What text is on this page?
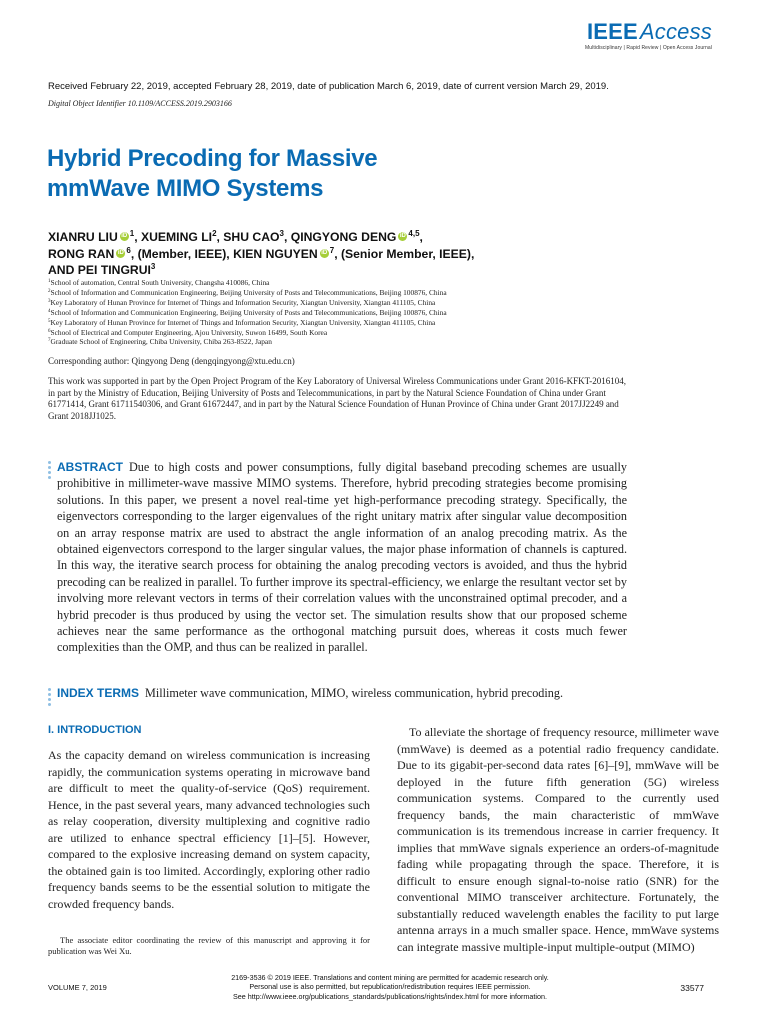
IEEEAccess
Multidisciplinary | Rapid Review | Open Access Journal
Received February 22, 2019, accepted February 28, 2019, date of publication March 6, 2019, date of current version March 29, 2019.
Digital Object Identifier 10.1109/ACCESS.2019.2903166
Hybrid Precoding for Massive
mmWave MIMO Systems
XIANRU LIU iD $^1$, XUEMING $LI^2$, SHU CAO$^3$, QINGYONG DENG iD $^{4,5}$,
RONG RAN iD $^6$, (Member, IEEE), KIEN NGUYEN iD $^7$, (Senior Member, IEEE),
AND PEI TINGRUI$^3$
$^1$School of automation, Central South University, Changsha 410086, China
$^2$School of Information and Communication Engineering, Beijing University of Posts and Telecommunications, Beijing 100876, China
$^3$Key Laboratory of Hunan Province for Internet of Things and Information Security, Xiangtan University, Xiangtan 411105, China
$^4$School of Information and Communication Engineering, Beijing University of Posts and Telecommunications, Beijing 100876, China
$^5$Key Laboratory of Hunan Province for Internet of Things and Information Security, Xiangtan University, Xiangtan 411105, China
$^6$School of Electrical and Computer Engineering, Ajou University, Suwon 16499, South Korea
$^7$Graduate School of Engineering, Chiba University, Chiba 263-8522, Japan
Corresponding author: Qingyong Deng (dengqingyong@xtu.edu.cn)
This work was supported in part by the Open Project Program of the Key Laboratory of Universal Wireless Communications under Grant 2016-KFKT-2016104, in part by the Ministry of Education, Beijing University of Posts and Telecommunications, in part by the Natural Science Foundation of China under Grant 61771414, Grant 61711540306, and Grant 61672447, and in part by the Natural Science Foundation of Hunan Province of China under Grant 2017JJ2249 and Grant 2018JJ1025.
ABSTRACT Due to high costs and power consumptions, fully digital baseband precoding schemes are usually prohibitive in millimeter-wave massive MIMO systems. Therefore, hybrid precoding strategies become promising solutions. In this paper, we present a novel real-time yet high-performance precoding strategy. Specifically, the eigenvectors corresponding to the larger eigenvalues of the right unitary matrix after singular value decomposition on an array response matrix are used to abstract the angle information of an analog precoding matrix. As the obtained eigenvectors correspond to the larger singular values, the major phase information of channels is captured. In this way, the iterative search process for obtaining the analog precoding vectors is avoided, and thus the hybrid precoding can be realized in parallel. To further improve its spectral-efficiency, we enlarge the resultant vector set by involving more relevant vectors in terms of their correlation values with the unconstrained optimal precoder, and a hybrid precoder is thus produced by using the vector set. The simulation results show that our proposed scheme achieves near the same performance as the orthogonal matching pursuit does, whereas it costs much fewer complexities than the OMP, and thus can be realized in parallel.
INDEX TERMS Millimeter wave communication, MIMO, wireless communication, hybrid precoding.
I. INTRODUCTION
As the capacity demand on wireless communication is increasing rapidly, the communication systems operating in microwave band are difficult to meet the quality-of-service (QoS) requirement. Hence, in the past several years, many advanced technologies such as relay cooperation, diversity multiplexing and cognitive radio are utilized to enhance spectral efficiency [1]–[5]. However, compared to the explosive increasing demand on system capacity, the obtained gain is too limited. Accordingly, exploring other radio frequency bands seems to be the essential solution to mitigate the crowded frequency bands.
To alleviate the shortage of frequency resource, millimeter wave (mmWave) is deemed as a potential radio frequency candidate. Due to its gigabit-per-second data rates [6]–[9], mmWave will be deployed in the future fifth generation (5G) wireless communication systems. Compared to the currently used frequency bands, the main characteristic of mmWave communication is its tremendous increase in carrier frequency. It implies that mmWave signals experience an orders-of-magnitude fading while propagating through the space. Therefore, it is difficult to ensure enough signal-to-noise ratio (SNR) for the conventional MIMO transceiver architecture. Fortunately, the substantially reduced wavelength enables the facility to put large antenna arrays in a much smaller space. Hence, mmWave systems can integrate massive multiple-input multiple-output (MIMO)
The associate editor coordinating the review of this manuscript and approving it for publication was Wei Xu.
VOLUME 7, 2019
2169-3536 © 2019 IEEE. Translations and content mining are permitted for academic research only.
Personal use is also permitted, but republication/redistribution requires IEEE permission.
See http://www.ieee.org/publications_standards/publications/rights/index.html for more information.
33577
